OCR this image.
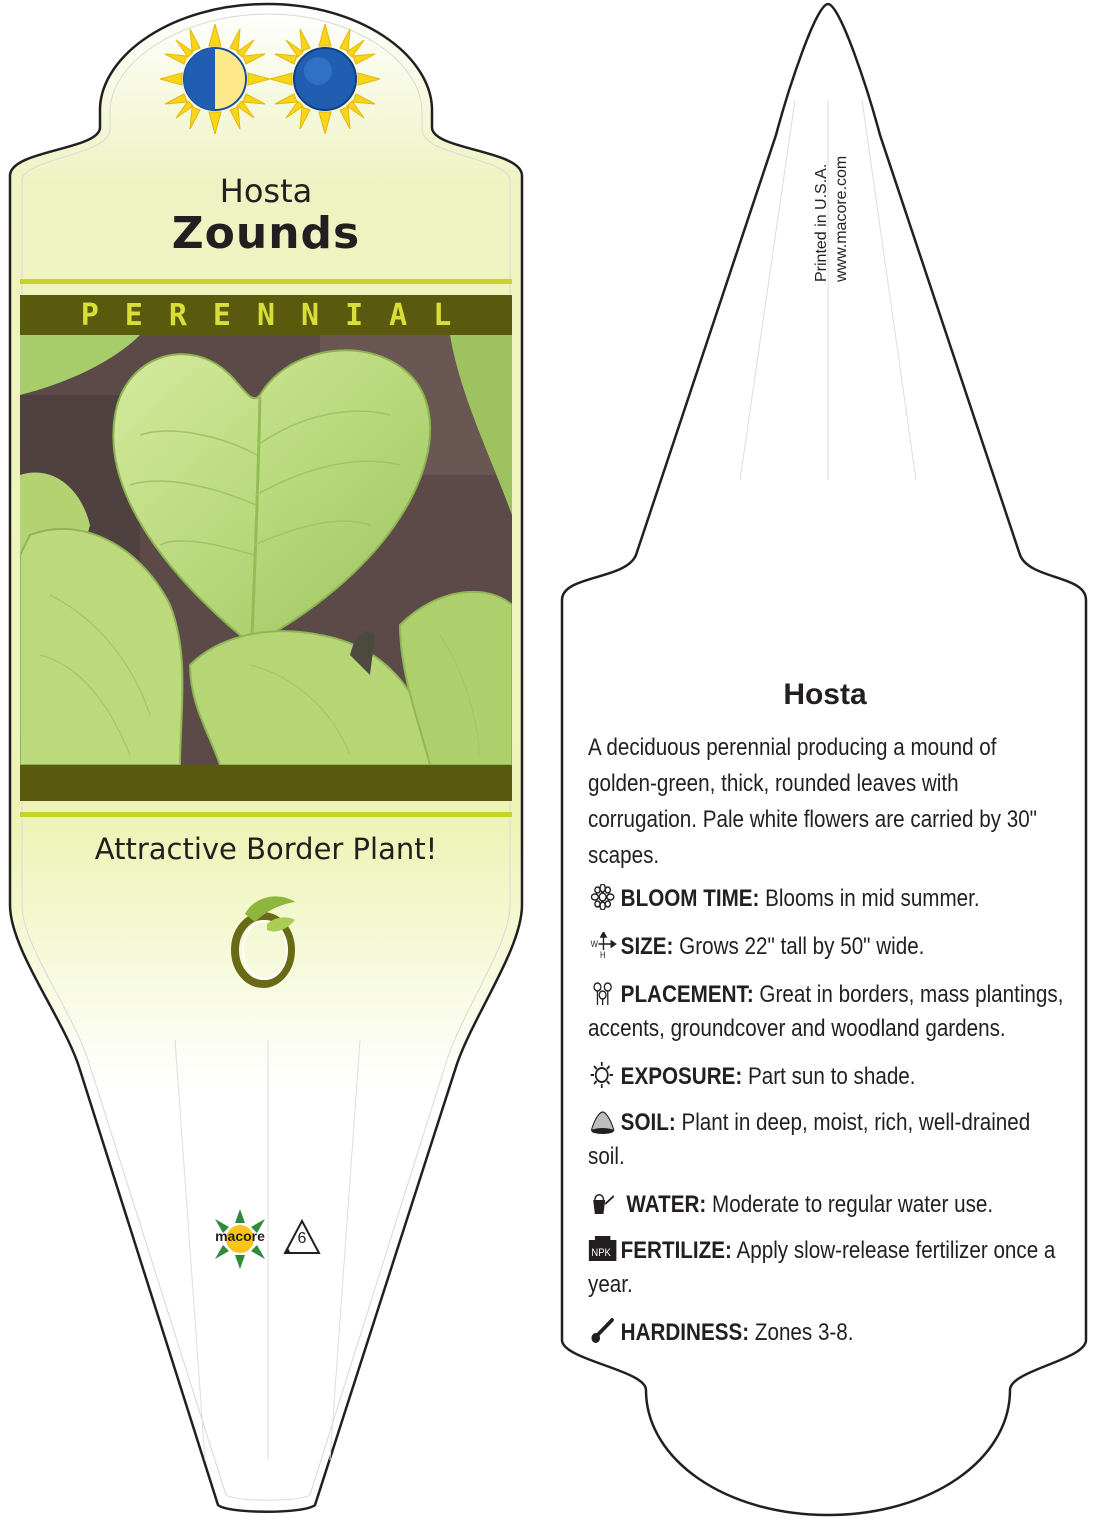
Hosta
Zounds
PERENNIAL
Attractive Border Plant!
macore	6
Printed in U.S.A. www.macore.com
Hosta
A deciduous perennial producing a mound of golden-green, thick, rounded leaves with corrugation. Pale white flowers are carried by 30" scapes.
BLOOM TIME: Blooms in mid summer.
W
H SIZE: Grows 22" tall by 50" wide.
PLACEMENT: Great in borders, mass plantings, accents, groundcover and woodland gardens.
EXPOSURE: Part sun to shade.
SOIL: Plant in deep, moist, rich, well-drained soil.
WATER: Moderate to regular water use.
NPK FERTILIZE: Apply slow-release fertilizer once a year.
HARDINESS: Zones 3-8.
